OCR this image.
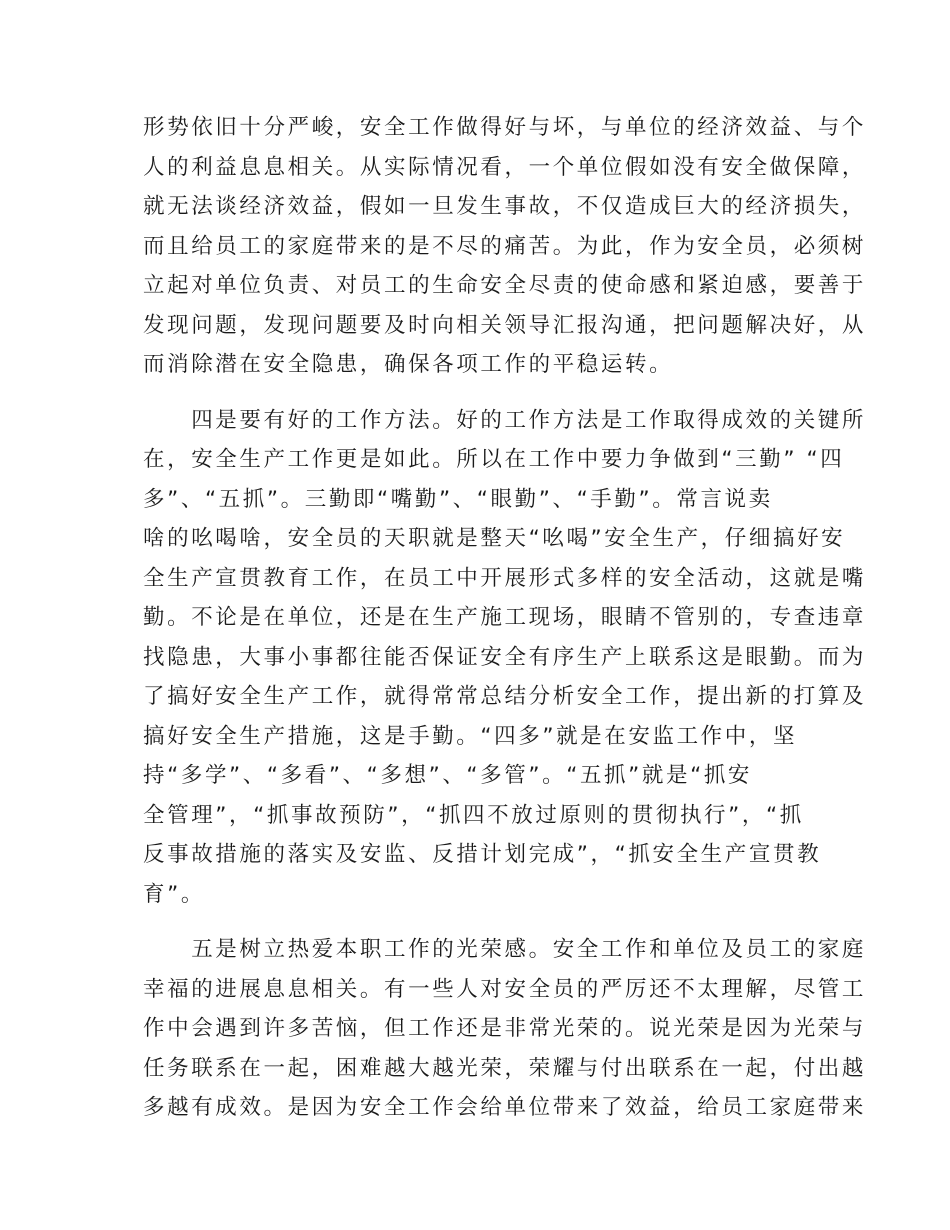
形势依旧十分严峻，安全工作做得好与坏，与单位的经济效益、与个
人的利益息息相关。从实际情况看，一个单位假如没有安全做保障，
就无法谈经济效益，假如一旦发生事故，不仅造成巨大的经济损失，
而且给员工的家庭带来的是不尽的痛苦。为此，作为安全员，必须树
立起对单位负责、对员工的生命安全尽责的使命感和紧迫感，要善于
发现问题，发现问题要及时向相关领导汇报沟通，把问题解决好，从
而消除潜在安全隐患，确保各项工作的平稳运转。
　　四是要有好的工作方法。好的工作方法是工作取得成效的关键所
在，安全生产工作更是如此。所以在工作中要力争做到“三勤” “四
多”、“五抓”。三勤即“嘴勤”、“眼勤”、“手勤”。常言说卖
啥的吆喝啥，安全员的天职就是整天“吆喝”安全生产，仔细搞好安
全生产宣贯教育工作，在员工中开展形式多样的安全活动，这就是嘴
勤。不论是在单位，还是在生产施工现场，眼睛不管别的，专查违章
找隐患，大事小事都往能否保证安全有序生产上联系这是眼勤。而为
了搞好安全生产工作，就得常常总结分析安全工作，提出新的打算及
搞好安全生产措施，这是手勤。“四多”就是在安监工作中，坚
持“多学”、“多看”、“多想”、“多管”。“五抓”就是“抓安
全管理”，“抓事故预防”，“抓四不放过原则的贯彻执行”，“抓
反事故措施的落实及安监、反措计划完成”，“抓安全生产宣贯教
育”。
　　五是树立热爱本职工作的光荣感。安全工作和单位及员工的家庭
幸福的进展息息相关。有一些人对安全员的严厉还不太理解，尽管工
作中会遇到许多苦恼，但工作还是非常光荣的。说光荣是因为光荣与
任务联系在一起，困难越大越光荣，荣耀与付出联系在一起，付出越
多越有成效。是因为安全工作会给单位带来了效益，给员工家庭带来
